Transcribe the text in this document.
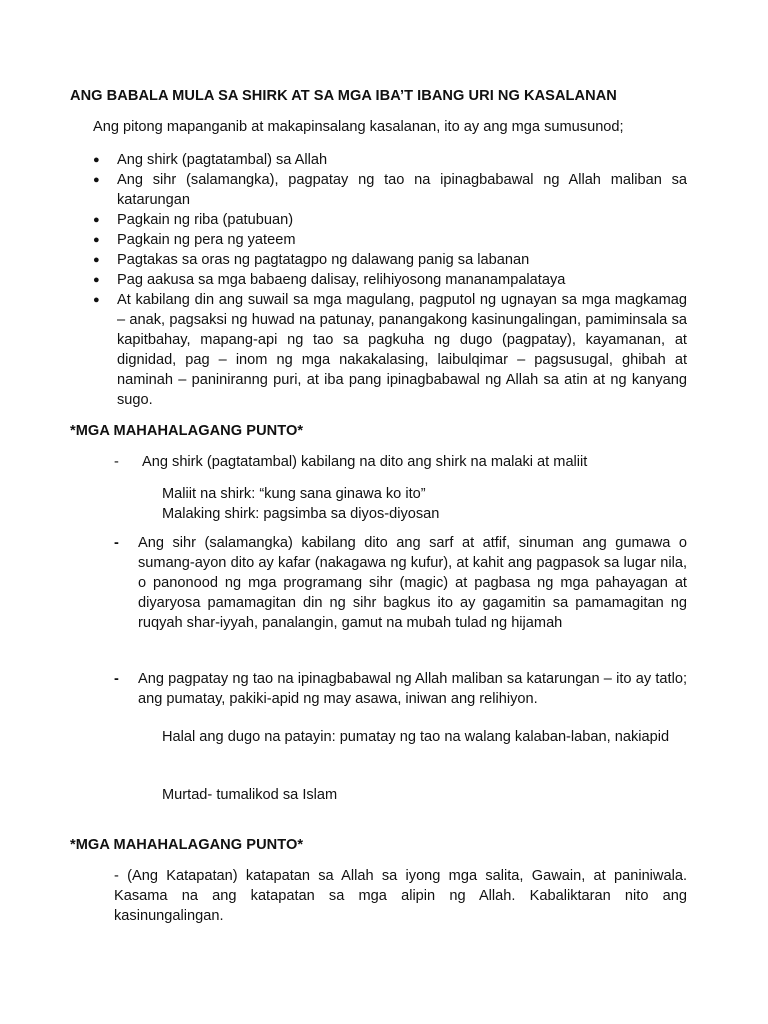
ANG BABALA MULA SA SHIRK AT SA MGA IBA’T IBANG URI NG KASALANAN
Ang pitong mapanganib at makapinsalang kasalanan, ito ay ang mga sumusunod;
● Ang shirk (pagtatambal) sa Allah
● Ang sihr (salamangka), pagpatay ng tao na ipinagbabawal ng Allah maliban sa katarungan
● Pagkain ng riba (patubuan)
● Pagkain ng pera ng yateem
● Pagtakas sa oras ng pagtatagpo ng dalawang panig sa labanan
● Pag aakusa sa mga babaeng dalisay, relihiyosong mananampalataya
● At kabilang din ang suwail sa mga magulang, pagputol ng ugnayan sa mga magkamag – anak, pagsaksi ng huwad na patunay, panangakong kasinungalingan, pamiminsala sa kapitbahay, mapang-api ng tao sa pagkuha ng dugo (pagpatay), kayamanan, at dignidad, pag – inom ng mga nakakalasing, laibulqimar – pagsusugal, ghibah at naminah – paniniranng puri, at iba pang ipinagbabawal ng Allah sa atin at ng kanyang sugo.
*MGA MAHAHALAGANG PUNTO*
- Ang shirk (pagtatambal) kabilang na dito ang shirk na malaki at maliit
Maliit na shirk: “kung sana ginawa ko ito”
Malaking shirk: pagsimba sa diyos-diyosan
- Ang sihr (salamangka) kabilang dito ang sarf at atfif, sinuman ang gumawa o sumang-ayon dito ay kafar (nakagawa ng kufur), at kahit ang pagpasok sa lugar nila, o panonood ng mga programang sihr (magic) at pagbasa ng mga pahayagan at diyaryosa pamamagitan din ng sihr bagkus ito ay gagamitin sa pamamagitan ng ruqyah shar-iyyah, panalangin, gamut na mubah tulad ng hijamah
- Ang pagpatay ng tao na ipinagbabawal ng Allah maliban sa katarungan – ito ay tatlo; ang pumatay, pakiki-apid ng may asawa, iniwan ang relihiyon.
Halal ang dugo na patayin: pumatay ng tao na walang kalaban-laban, nakiapid
Murtad- tumalikod sa Islam
*MGA MAHAHALAGANG PUNTO*
- (Ang Katapatan) katapatan sa Allah sa iyong mga salita, Gawain, at paniniwala. Kasama na ang katapatan sa mga alipin ng Allah. Kabaliktaran nito ang kasinungalingan.
